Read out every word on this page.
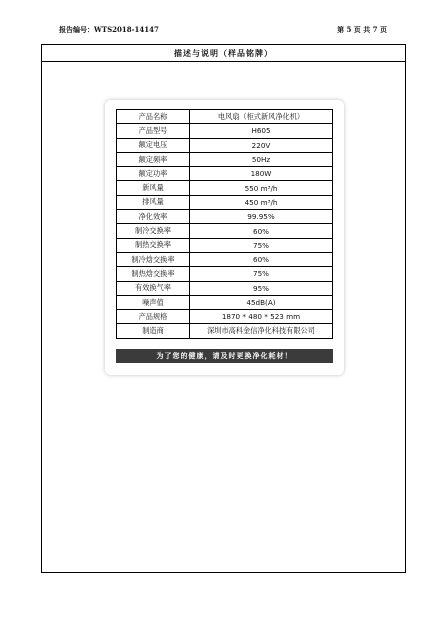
报告编号：WTS2018-14147	第 5 页 共 7 页
描述与说明（样品铭牌）
产品名称	电风扇（柜式新风净化机）
产品型号	H605
额定电压	220V
额定频率	50Hz
额定功率	180W
新风量	550 m³/h
排风量	450 m³/h
净化效率	99.95%
制冷交换率	60%
制热交换率	75%
制冷焓交换率	60%
制热焓交换率	75%
有效换气率	95%
噪声值	45dB(A)
产品规格	1870 * 480 * 523 mm
制造商	深圳市高科金信净化科技有限公司
为了您的健康，请及时更换净化耗材！
